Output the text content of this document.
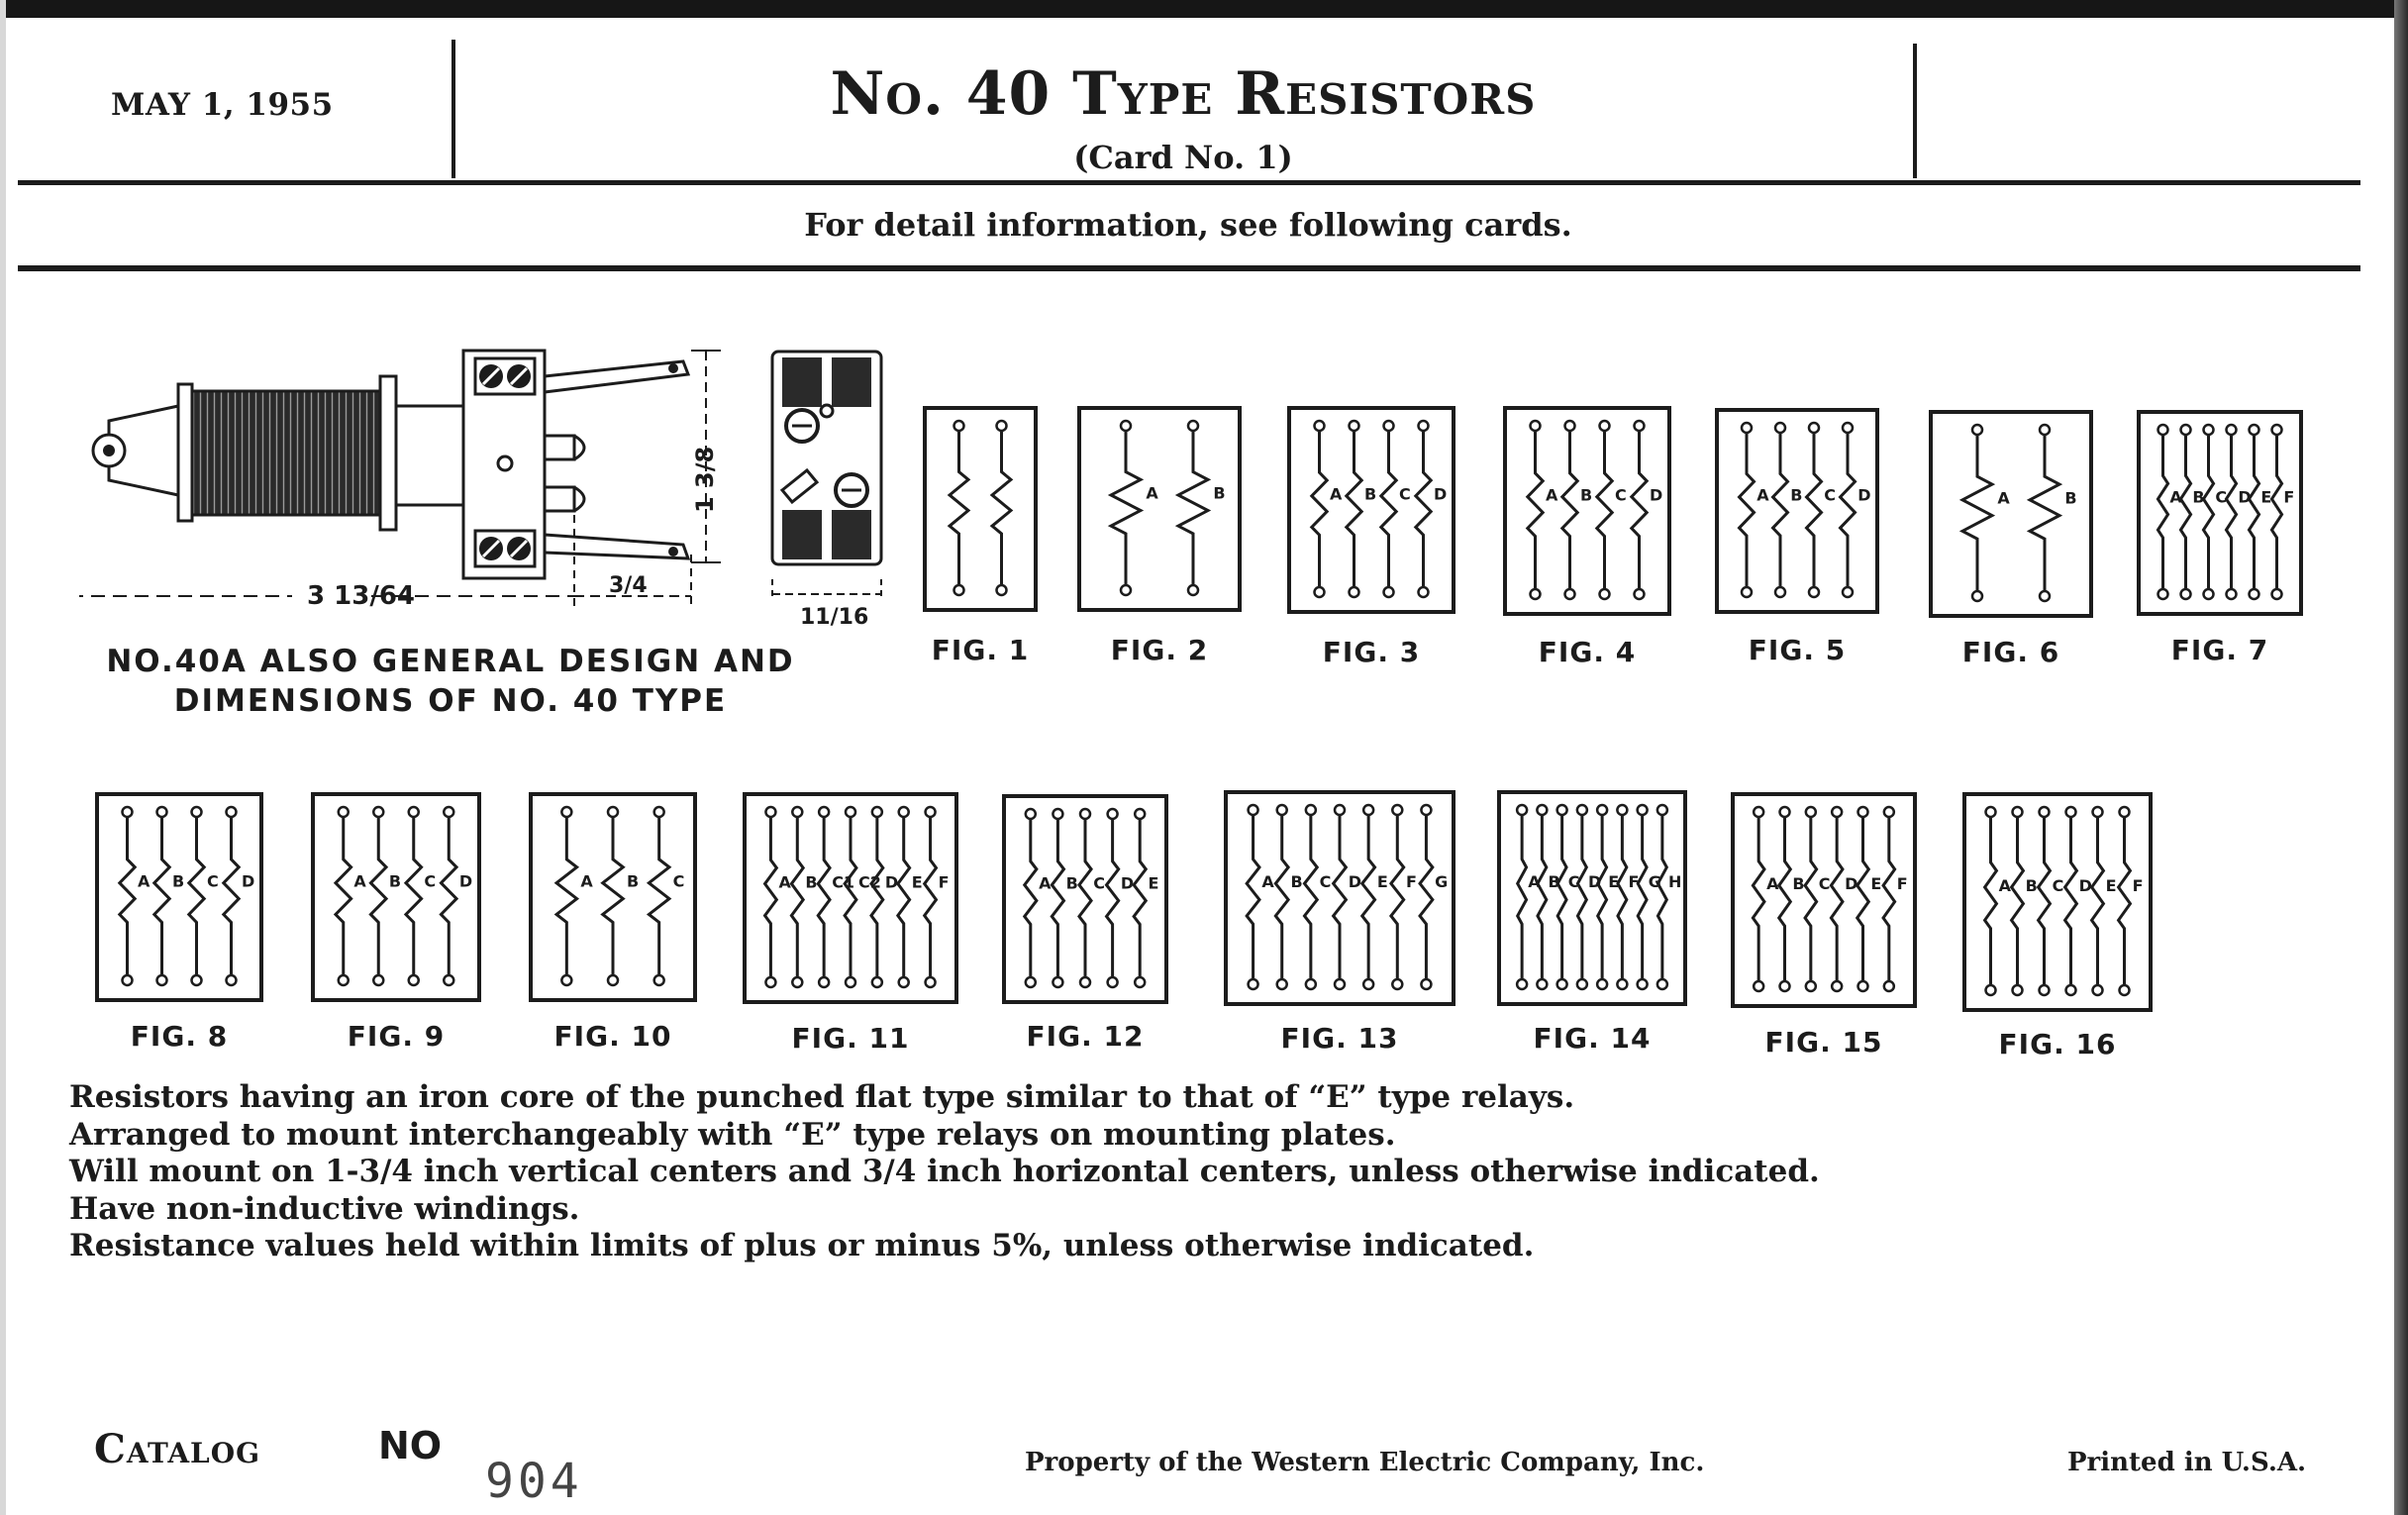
MAY 1, 1955	No. 40 Type Resistors
(Card No. 1)
For detail information, see following cards.
3 13/64	3/4
1 3/8
11/16
NO.40A ALSO GENERAL DESIGN AND
DIMENSIONS OF NO. 40 TYPE
FIG. 1
A	B
FIG. 2
A B C D
FIG. 3
A B C D
FIG. 4
A B C D
FIG. 5
A	B
FIG. 6
A B C D E F
FIG. 7
A B C D
FIG. 8
A B C D
FIG. 9
A B C
FIG. 10
A B C1 C2 D E F
FIG. 11
A B C D E
FIG. 12
A B C D E F G
FIG. 13
A B C D E F G H
FIG. 14
A B C D E F
FIG. 15
A B C D E F
FIG. 16
Resistors having an iron core of the punched flat type similar to that of “E” type relays.
Arranged to mount interchangeably with “E” type relays on mounting plates.
Will mount on 1-3/4 inch vertical centers and 3/4 inch horizontal centers, unless otherwise indicated.
Have non-inductive windings.
Resistance values held within limits of plus or minus 5%, unless otherwise indicated.
Catalog	NO
904	Property of the Western Electric Company, Inc.	Printed in U.S.A.
